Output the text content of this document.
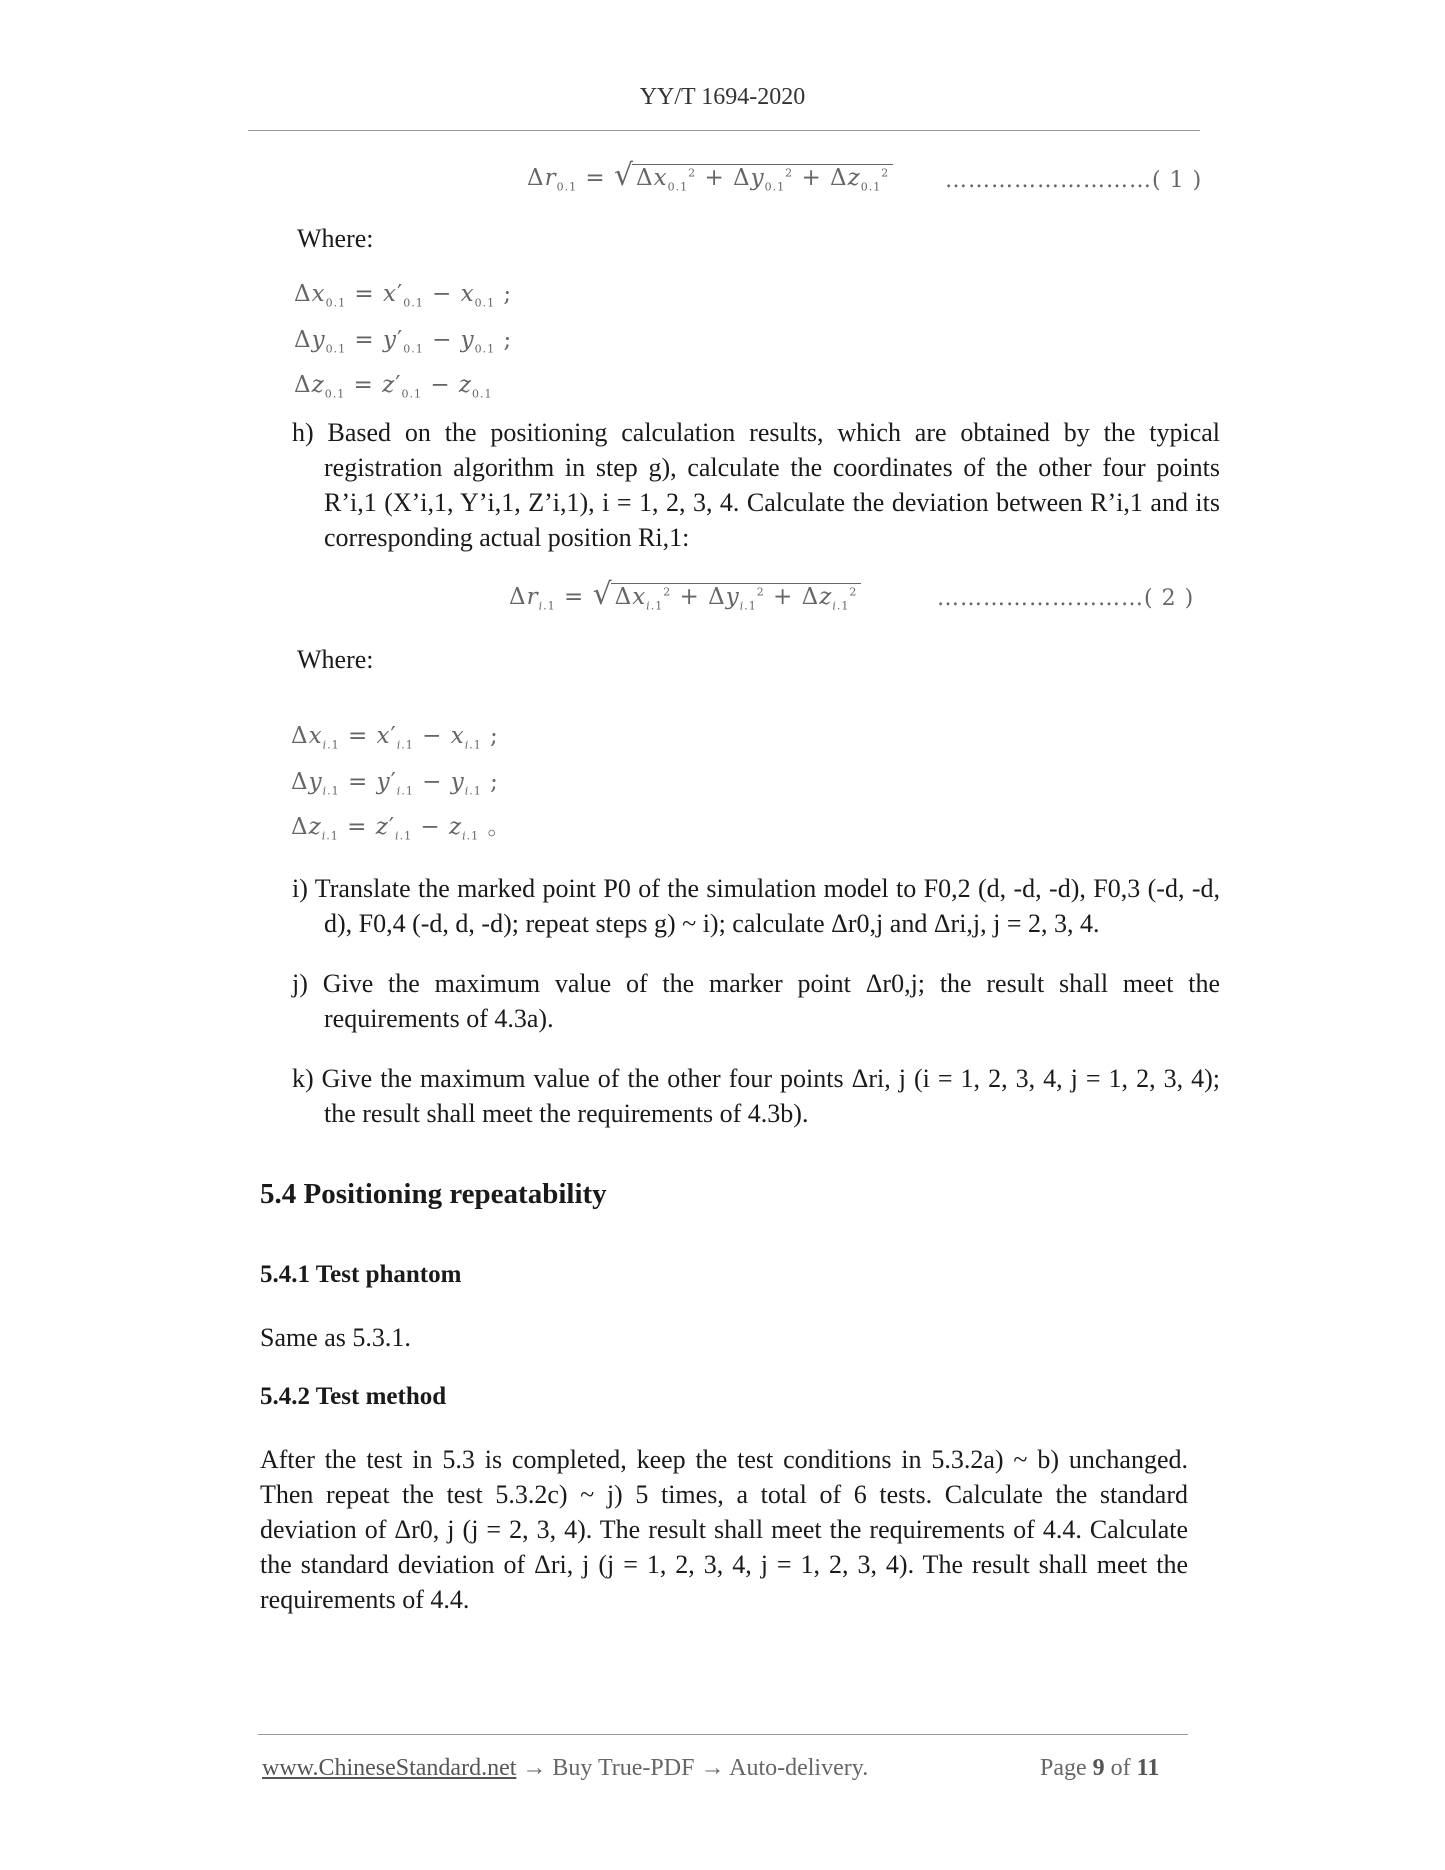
YY/T 1694-2020
$\Delta r_{0.1}$ = √ $\Delta x_{0.1}^2 + \Delta y_{0.1}^2 + \Delta z_{0.1}^2$	………………………( 1 )
Where:
$\Delta x_{0.1} = x'_{0.1} - x_{0.1}$ ;
$\Delta y_{0.1} = y'_{0.1} - y_{0.1}$ ;
$\Delta z_{0.1} = z'_{0.1} - z_{0.1}$
h) Based on the positioning calculation results, which are obtained by the typical registration algorithm in step g), calculate the coordinates of the other four points R’i,1 (X’i,1, Y’i,1, Z’i,1), i = 1, 2, 3, 4. Calculate the deviation between R’i,1 and its corresponding actual position Ri,1:
$\Delta r_{i.1}$ = √ $\Delta x_{i.1}^2 + \Delta y_{i.1}^2 + \Delta z_{i.1}^2$	………………………( 2 )
Where:
$\Delta x_{i.1} = x'_{i.1} - x_{i.1}$ ;
$\Delta y_{i.1} = y'_{i.1} - y_{i.1}$ ;
$\Delta z_{i.1} = z'_{i.1} - z_{i.1}$ 。
i) Translate the marked point P0 of the simulation model to F0,2 (d, -d, -d), F0,3 (-d, -d, d), F0,4 (-d, d, -d); repeat steps g) ~ i); calculate Δr0,j and Δri,j, j = 2, 3, 4.
j) Give the maximum value of the marker point Δr0,j; the result shall meet the requirements of 4.3a).
k) Give the maximum value of the other four points Δri, j (i = 1, 2, 3, 4, j = 1, 2, 3, 4); the result shall meet the requirements of 4.3b).
5.4 Positioning repeatability
5.4.1 Test phantom
Same as 5.3.1.
5.4.2 Test method
After the test in 5.3 is completed, keep the test conditions in 5.3.2a) ~ b) unchanged. Then repeat the test 5.3.2c) ~ j) 5 times, a total of 6 tests. Calculate the standard deviation of Δr0, j (j = 2, 3, 4). The result shall meet the requirements of 4.4. Calculate the standard deviation of Δri, j (j = 1, 2, 3, 4, j = 1, 2, 3, 4). The result shall meet the requirements of 4.4.
www.ChineseStandard.net → Buy True-PDF → Auto-delivery.	Page 9 of 11
